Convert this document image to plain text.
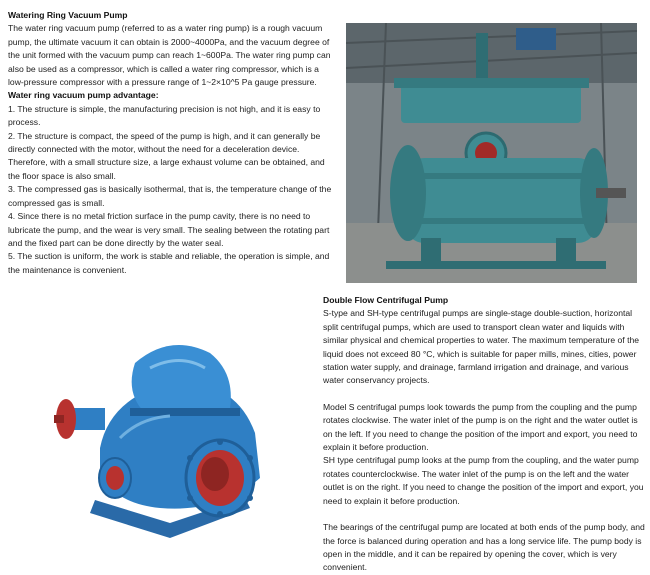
Watering Ring Vacuum Pump

The water ring vacuum pump (referred to as a water ring pump) is a rough vacuum pump, the ultimate vacuum it can obtain is 2000~4000Pa, and the vacuum degree of the unit formed with the vacuum pump can reach 1~600Pa. The water ring pump can also be used as a compressor, which is called a water ring compressor, which is a low-pressure compressor with a pressure range of 1~2×10^5 Pa gauge pressure.

Water ring vacuum pump advantage:

1. The structure is simple, the manufacturing precision is not high, and it is easy to process.

2. The structure is compact, the speed of the pump is high, and it can generally be directly connected with the motor, without the need for a deceleration device. Therefore, with a small structure size, a large exhaust volume can be obtained, and the floor space is also small.

3. The compressed gas is basically isothermal, that is, the temperature change of the compressed gas is small.

4. Since there is no metal friction surface in the pump cavity, there is no need to lubricate the pump, and the wear is very small. The sealing between the rotating part and the fixed part can be done directly by the water seal.

5. The suction is uniform, the work is stable and reliable, the operation is simple, and the maintenance is convenient.

Double Flow Centrifugal Pump

S-type and SH-type centrifugal pumps are single-stage double-suction, horizontal split centrifugal pumps, which are used to transport clean water and liquids with similar physical and chemical properties to water. The maximum temperature of the liquid does not exceed 80 °C, which is suitable for paper mills, mines, cities, power station water supply, and drainage, farmland irrigation and drainage, and various water conservancy projects.

Model S centrifugal pumps look towards the pump from the coupling and the pump rotates clockwise. The water inlet of the pump is on the right and the water outlet is on the left. If you need to change the position of the import and export, you need to explain it before production.

SH type centrifugal pump looks at the pump from the coupling, and the water pump rotates counterclockwise. The water inlet of the pump is on the left and the water outlet is on the right. If you need to change the position of the import and export, you need to explain it before production.

The bearings of the centrifugal pump are located at both ends of the pump body, and the force is balanced during operation and has a long service life. The pump body is open in the middle, and it can be repaired by opening the cover, which is very convenient.
